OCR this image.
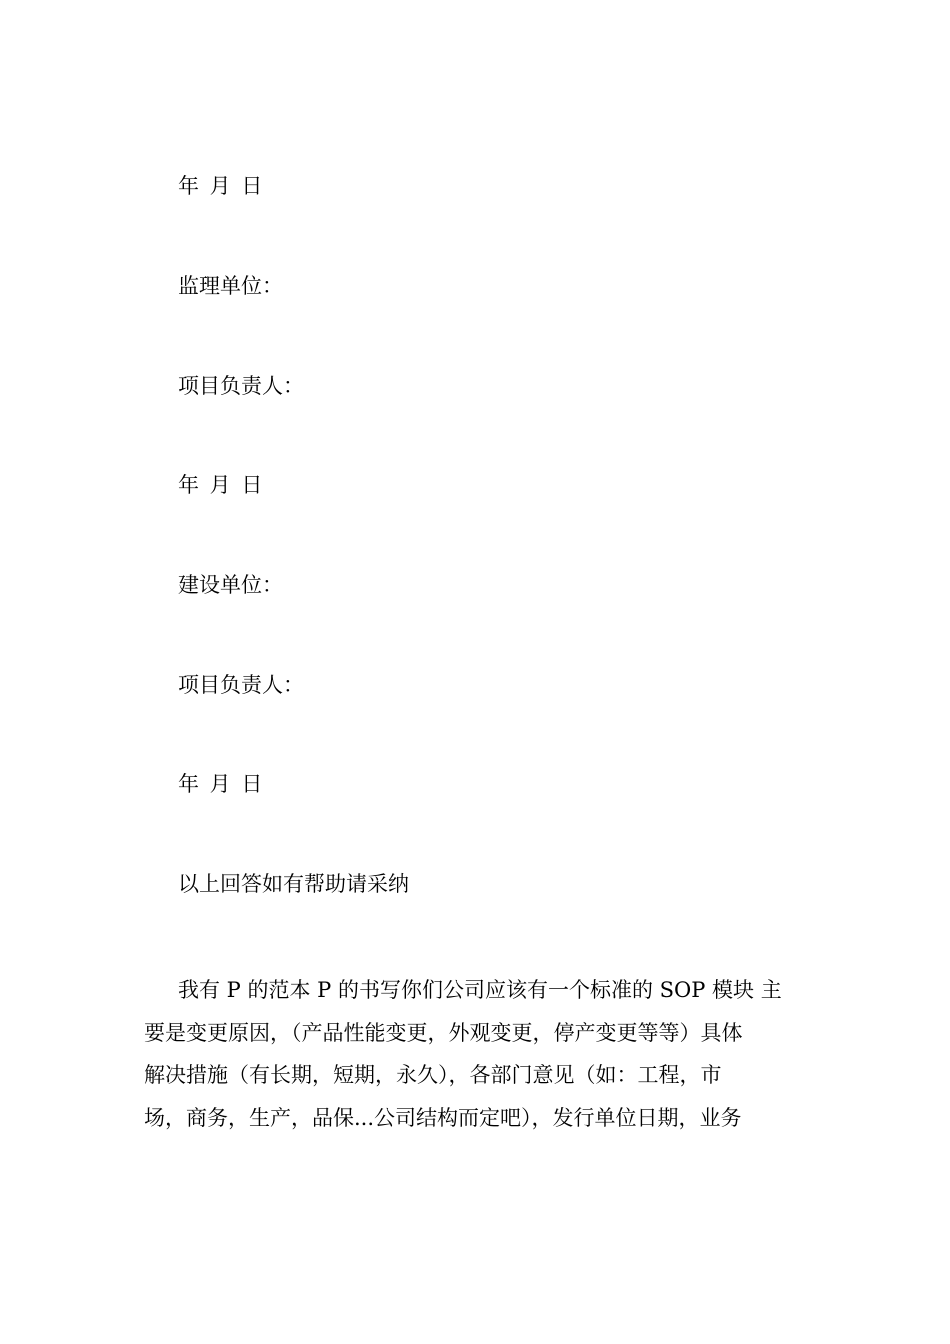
年 月 日
监理单位：
项目负责人：
年 月 日
建设单位：
项目负责人：
年 月 日
以上回答如有帮助请采纳
我有 P 的范本 P 的书写你们公司应该有一个标准的 SOP 模块 主
要是变更原因，（产品性能变更，外观变更，停产变更等等）具体
解决措施（有长期，短期，永久），各部门意见（如：工程，市
场，商务，生产，品保...公司结构而定吧），发行单位日期，业务
